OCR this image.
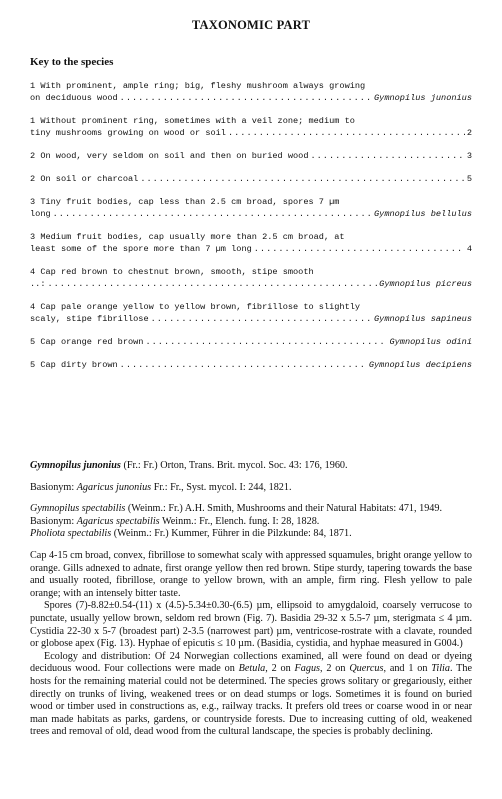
TAXONOMIC PART
Key to the species
1 With prominent, ample ring; big, fleshy mushroom always growing
on deciduous wood .....	Gymnopilus junonius
1 Without prominent ring, sometimes with a veil zone; medium to
tiny mushrooms growing on wood or soil .....	2
2 On wood, very seldom on soil and then on buried wood .....	3
2 On soil or charcoal .....	5
3 Tiny fruit bodies, cap less than 2.5 cm broad, spores 7 µm
long .....	Gymnopilus bellulus
3 Medium fruit bodies, cap usually more than 2.5 cm broad, at
least some of the spore more than 7 µm long .....	4
4 Cap red brown to chestnut brown, smooth, stipe smooth
..: .....	Gymnopilus picreus
4 Cap pale orange yellow to yellow brown, fibrillose to slightly
scaly, stipe fibrillose .....	Gymnopilus sapineus
5 Cap orange red brown .....	Gymnopilus odini
5 Cap dirty brown .....	Gymnopilus decipiens

Gymnopilus junonius (Fr.: Fr.) Orton, Trans. Brit. mycol. Soc. 43: 176, 1960.

Basionym: Agaricus junonius Fr.: Fr., Syst. mycol. I: 244, 1821.

Gymnopilus spectabilis (Weinm.: Fr.) A.H. Smith, Mushrooms and their Natural Habitats: 471, 1949.

Basionym: Agaricus spectabilis Weinm.: Fr., Elench. fung. I: 28, 1828.

Pholiota spectabilis (Weinm.: Fr.) Kummer, Führer in die Pilzkunde: 84, 1871.

Cap 4-15 cm broad, convex, fibrillose to somewhat scaly with appressed squamules, bright orange yellow to orange. Gills adnexed to adnate, first orange yellow then red brown. Stipe sturdy, tapering towards the base and usually rooted, fibrillose, orange to yellow brown, with an ample, firm ring. Flesh yellow to pale orange; with an intensely bitter taste.

Spores (7)-8.82±0.54-(11) x (4.5)-5.34±0.30-(6.5) µm, ellipsoid to amygdaloid, coarsely verrucose to punctate, usually yellow brown, seldom red brown (Fig. 7). Basidia 29-32 x 5.5-7 µm, sterigmata ≤ 4 µm. Cystidia 22-30 x 5-7 (broadest part) 2-3.5 (narrowest part) µm, ventricose-rostrate with a clavate, rounded or globose apex (Fig. 13). Hyphae of epicutis ≤ 10 µm. (Basidia, cystidia, and hyphae measured in G004.)

Ecology and distribution: Of 24 Norwegian collections examined, all were found on dead or dyeing deciduous wood. Four collections were made on Betula, 2 on Fagus, 2 on Quercus, and 1 on Tilia. The hosts for the remaining material could not be determined. The species grows solitary or gregariously, either directly on trunks of living, weakened trees or on dead stumps or logs. Sometimes it is found on buried wood or timber used in constructions as, e.g., railway tracks. It prefers old trees or coarse wood in or near man made habitats as parks, gardens, or countryside forests. Due to increasing cutting of old, weakened trees and removal of old, dead wood from the cultural landscape, the species is probably declining.
